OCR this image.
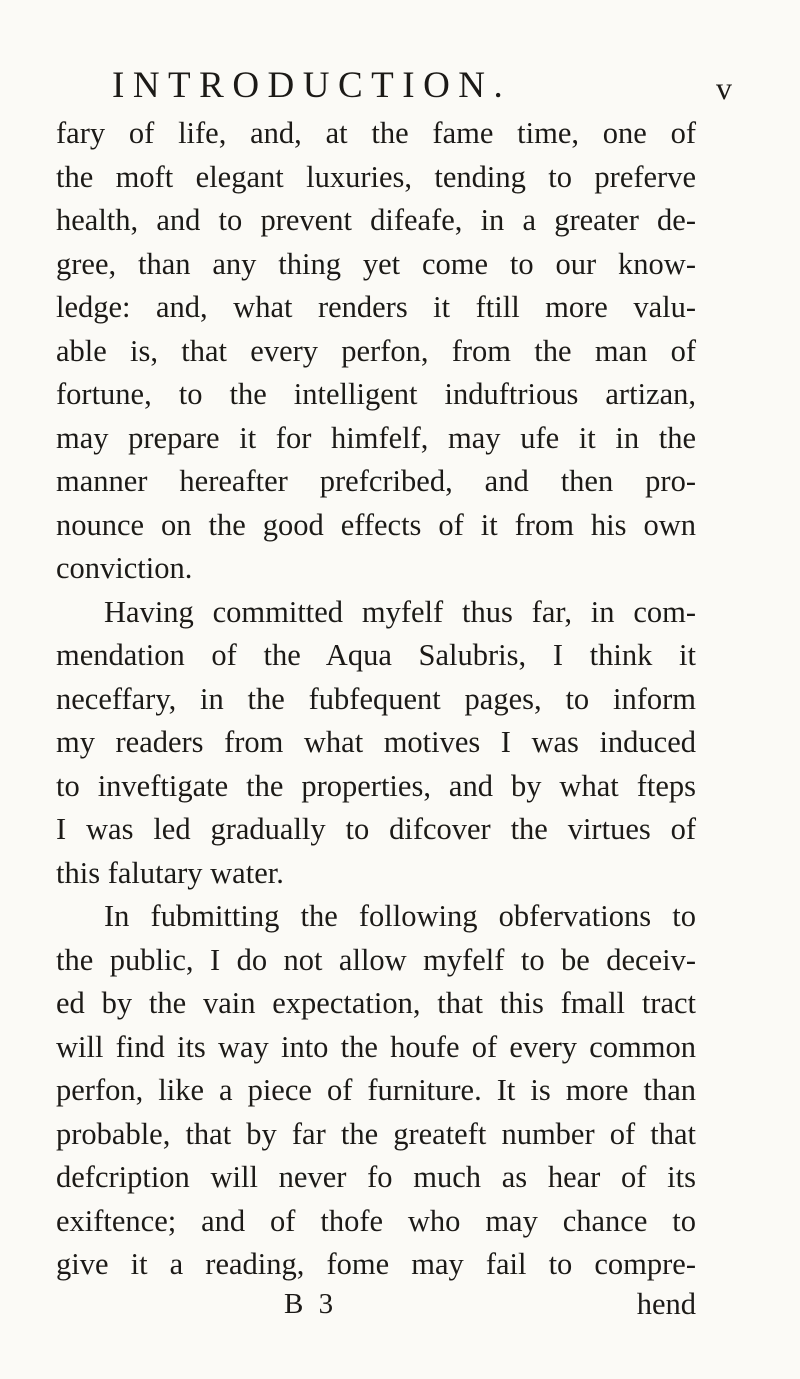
INTRODUCTION.	v
fary of life, and, at the fame time, one of
the moft elegant luxuries, tending to preferve
health, and to prevent difeafe, in a greater de-
gree, than any thing yet come to our know-
ledge: and, what renders it ftill more valu-
able is, that every perfon, from the man of
fortune, to the intelligent induftrious artizan,
may prepare it for himfelf, may ufe it in the
manner hereafter prefcribed, and then pro-
nounce on the good effects of it from his own
conviction.
Having committed myfelf thus far, in com-
mendation of the Aqua Salubris, I think it
neceffary, in the fubfequent pages, to inform
my readers from what motives I was induced
to inveftigate the properties, and by what fteps
I was led gradually to difcover the virtues of
this falutary water.
In fubmitting the following obfervations to
the public, I do not allow myfelf to be deceiv-
ed by the vain expectation, that this fmall tract
will find its way into the houfe of every common
perfon, like a piece of furniture. It is more than
probable, that by far the greateft number of that
defcription will never fo much as hear of its
exiftence; and of thofe who may chance to
give it a reading, fome may fail to compre-
B 3	hend
